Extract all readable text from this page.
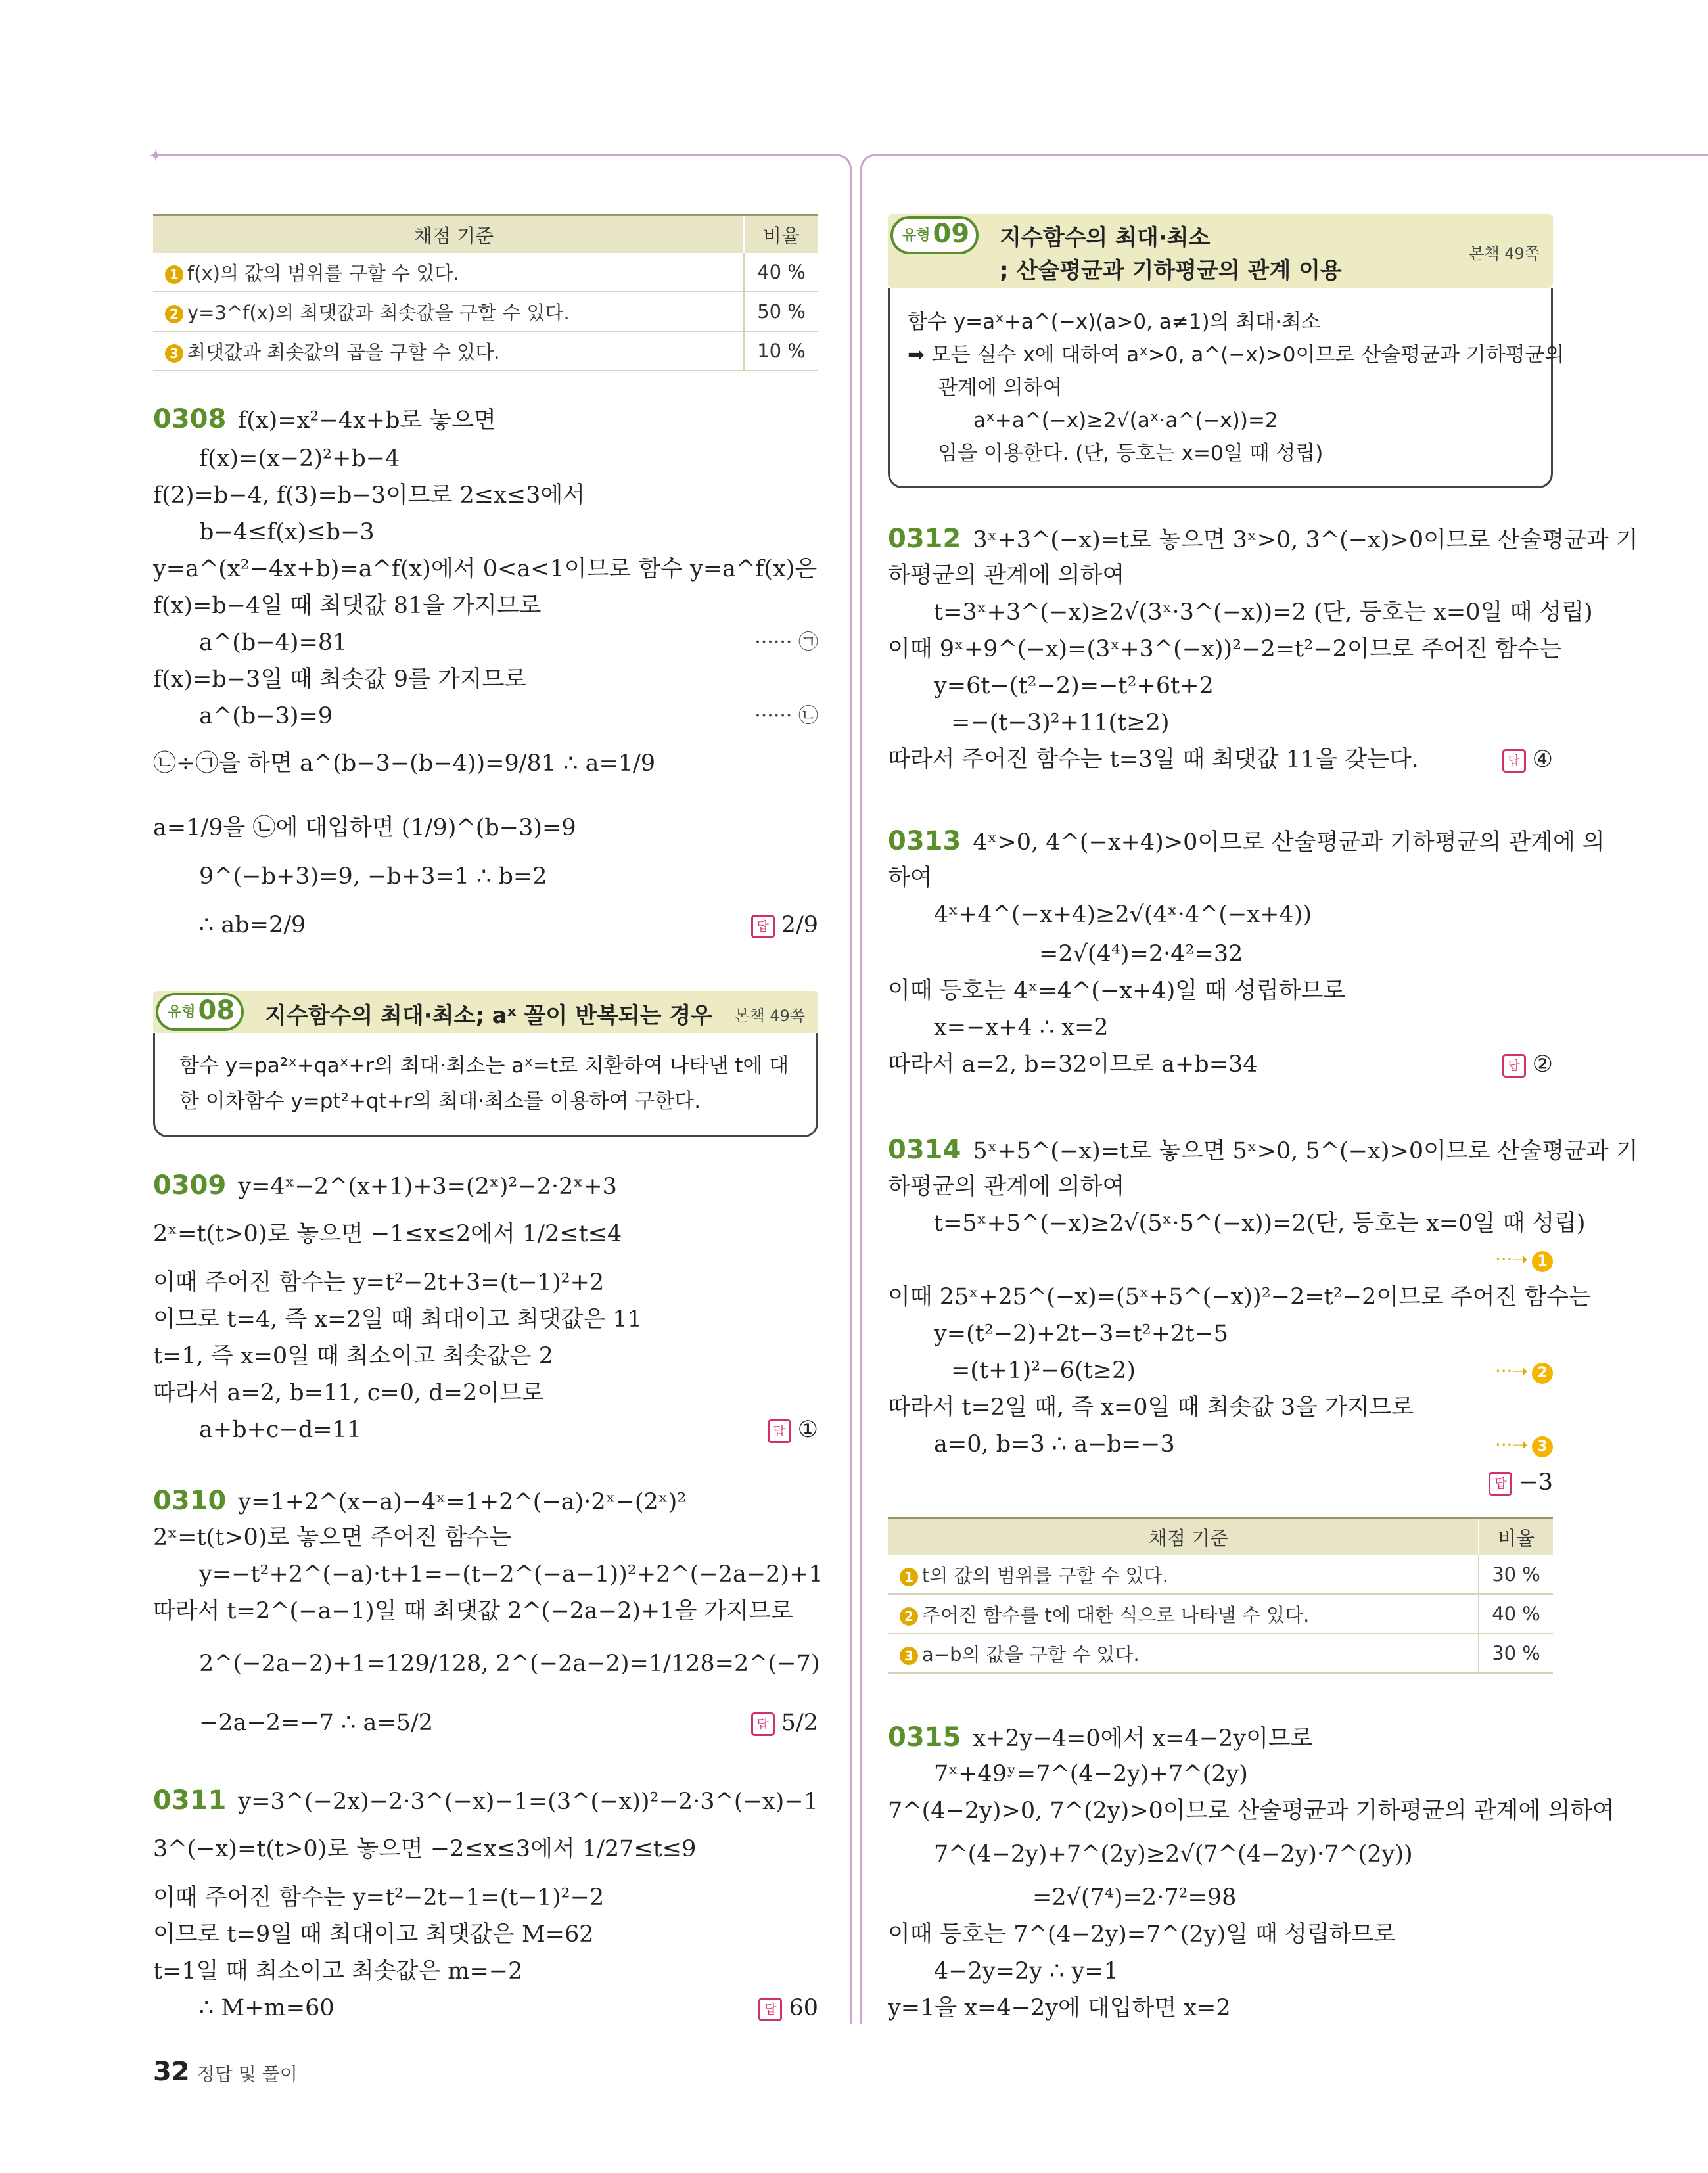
✦
채점 기준	비율
1 f(x)의 값의 범위를 구할 수 있다.	40 %
2 y=3^f(x)의 최댓값과 최솟값을 구할 수 있다.	50 %
3 최댓값과 최솟값의 곱을 구할 수 있다.	10 %
0308 f(x)=x²−4x+b로 놓으면
f(x)=(x−2)²+b−4
f(2)=b−4, f(3)=b−3이므로 2≤x≤3에서
b−4≤f(x)≤b−3
y=a^(x²−4x+b)=a^f(x)에서 0<a<1이므로 함수 y=a^f(x)은
f(x)=b−4일 때 최댓값 81을 가지므로
a^(b−4)=81	······ ㉠
f(x)=b−3일 때 최솟값 9를 가지므로
a^(b−3)=9	······ ㉡
㉡÷㉠을 하면 a^(b−3−(b−4))=9/81 ∴ a=1/9
a=1/9을 ㉡에 대입하면 (1/9)^(b−3)=9
9^(−b+3)=9, −b+3=1 ∴ b=2
∴ ab=2/9	답 2/9
유형 08	지수함수의 최대·최소; aˣ 꼴이 반복되는 경우 본책 49쪽
함수 y=pa²ˣ+qaˣ+r의 최대·최소는 aˣ=t로 치환하여 나타낸 t에 대
한 이차함수 y=pt²+qt+r의 최대·최소를 이용하여 구한다.
0309 y=4ˣ−2^(x+1)+3=(2ˣ)²−2·2ˣ+3
2ˣ=t(t>0)로 놓으면 −1≤x≤2에서 1/2≤t≤4
이때 주어진 함수는 y=t²−2t+3=(t−1)²+2
이므로 t=4, 즉 x=2일 때 최대이고 최댓값은 11
t=1, 즉 x=0일 때 최소이고 최솟값은 2
따라서 a=2, b=11, c=0, d=2이므로
a+b+c−d=11	답 ①
0310 y=1+2^(x−a)−4ˣ=1+2^(−a)·2ˣ−(2ˣ)²
2ˣ=t(t>0)로 놓으면 주어진 함수는
y=−t²+2^(−a)·t+1=−(t−2^(−a−1))²+2^(−2a−2)+1
따라서 t=2^(−a−1)일 때 최댓값 2^(−2a−2)+1을 가지므로
2^(−2a−2)+1=129/128, 2^(−2a−2)=1/128=2^(−7)
−2a−2=−7 ∴ a=5/2	답 5/2
0311 y=3^(−2x)−2·3^(−x)−1=(3^(−x))²−2·3^(−x)−1
3^(−x)=t(t>0)로 놓으면 −2≤x≤3에서 1/27≤t≤9
이때 주어진 함수는 y=t²−2t−1=(t−1)²−2
이므로 t=9일 때 최대이고 최댓값은 M=62
t=1일 때 최소이고 최솟값은 m=−2
∴ M+m=60	답 60
유형 09	지수함수의 최대·최소
; 산술평균과 기하평균의 관계 이용
본책 49쪽
함수 y=aˣ+a^(−x)(a>0, a≠1)의 최대·최소
➡ 모든 실수 x에 대하여 aˣ>0, a^(−x)>0이므로 산술평균과 기하평균의
관계에 의하여
aˣ+a^(−x)≥2√(aˣ·a^(−x))=2
임을 이용한다. (단, 등호는 x=0일 때 성립)
0312 3ˣ+3^(−x)=t로 놓으면 3ˣ>0, 3^(−x)>0이므로 산술평균과 기
하평균의 관계에 의하여
t=3ˣ+3^(−x)≥2√(3ˣ·3^(−x))=2 (단, 등호는 x=0일 때 성립)
이때 9ˣ+9^(−x)=(3ˣ+3^(−x))²−2=t²−2이므로 주어진 함수는
y=6t−(t²−2)=−t²+6t+2
=−(t−3)²+11(t≥2)
따라서 주어진 함수는 t=3일 때 최댓값 11을 갖는다.	답 ④
0313 4ˣ>0, 4^(−x+4)>0이므로 산술평균과 기하평균의 관계에 의
하여
4ˣ+4^(−x+4)≥2√(4ˣ·4^(−x+4))
=2√(4⁴)=2·4²=32
이때 등호는 4ˣ=4^(−x+4)일 때 성립하므로
x=−x+4 ∴ x=2
따라서 a=2, b=32이므로 a+b=34	답 ②
0314 5ˣ+5^(−x)=t로 놓으면 5ˣ>0, 5^(−x)>0이므로 산술평균과 기
하평균의 관계에 의하여
t=5ˣ+5^(−x)≥2√(5ˣ·5^(−x))=2(단, 등호는 x=0일 때 성립)
···➝ 1
이때 25ˣ+25^(−x)=(5ˣ+5^(−x))²−2=t²−2이므로 주어진 함수는
y=(t²−2)+2t−3=t²+2t−5
=(t+1)²−6(t≥2)	···➝ 2
따라서 t=2일 때, 즉 x=0일 때 최솟값 3을 가지므로
a=0, b=3 ∴ a−b=−3	···➝ 3
답 −3
채점 기준	비율
1 t의 값의 범위를 구할 수 있다.	30 %
2 주어진 함수를 t에 대한 식으로 나타낼 수 있다.	40 %
3 a−b의 값을 구할 수 있다.	30 %
0315 x+2y−4=0에서 x=4−2y이므로
7ˣ+49ʸ=7^(4−2y)+7^(2y)
7^(4−2y)>0, 7^(2y)>0이므로 산술평균과 기하평균의 관계에 의하여
7^(4−2y)+7^(2y)≥2√(7^(4−2y)·7^(2y))
=2√(7⁴)=2·7²=98
이때 등호는 7^(4−2y)=7^(2y)일 때 성립하므로
4−2y=2y ∴ y=1
y=1을 x=4−2y에 대입하면 x=2
32 정답 및 풀이
